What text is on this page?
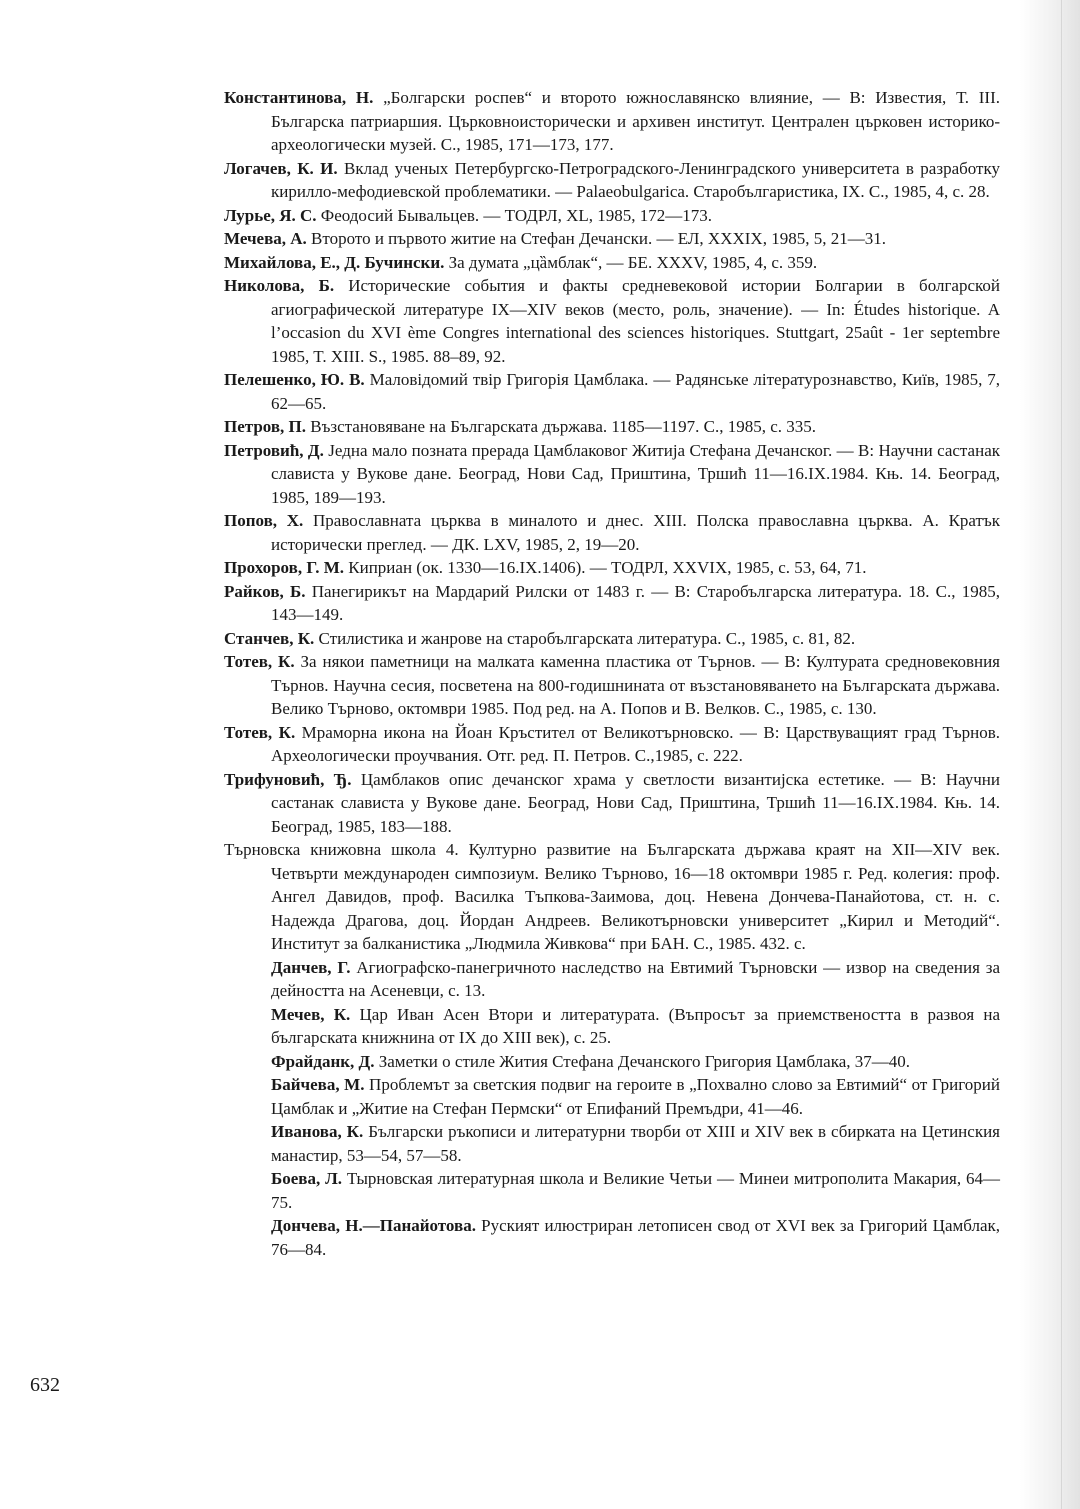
Константинова, Н. „Болгарски роспев“ и второто южнославянско влияние, — В: Известия, Т. III. Българска патриаршия. Църковноисторически и архивен институт. Централен църковен историко-археологически музей. С., 1985, 171—173, 177.

Логачев, К. И. Вклад ученых Петербургско-Петроградского-Ленинградского университета в разработку кирилло-мефодиевской проблематики. — Palaeobulgarica. Старобългаристика, IX. С., 1985, 4, с. 28.

Лурье, Я. С. Феодосий Бывальцев. — ТОДРЛ, XL, 1985, 172—173.

Мечева, А. Второто и първото житие на Стефан Дечански. — ЕЛ, XXXIX, 1985, 5, 21—31.

Михайлова, Е., Д. Бучински. За думата „цȁмблак“, — БЕ. XXXV, 1985, 4, с. 359.

Николова, Б. Исторические события и факты средневековой истории Болгарии в болгарской агиографической литературе IX—XIV веков (место, роль, значение). — In: Études historique. A l’occasion du XVI ème Congres international des sciences historiques. Stuttgart, 25aût - 1er septembre 1985, T. XIII. S., 1985. 88–89, 92.

Пелешенко, Ю. В. Маловідомий твір Григорія Цамблака. — Радянське літературознавство, Київ, 1985, 7, 62—65.

Петров, П. Възстановяване на Българската държава. 1185—1197. С., 1985, с. 335.

Петровић, Д. Једна мало позната прерада Цамблаковог Житија Стефана Дечанског. — В: Научни састанак слависта у Вукове дане. Београд, Нови Сад, Приштина, Тршић 11—16.IX.1984. Књ. 14. Београд, 1985, 189—193.

Попов, Х. Православната църква в миналото и днес. XIII. Полска православна църква. А. Кратък исторически преглед. — ДК. LXV, 1985, 2, 19—20.

Прохоров, Г. М. Киприан (ок. 1330—16.IX.1406). — ТОДРЛ, XXVIX, 1985, с. 53, 64, 71.

Райков, Б. Панегирикът на Мардарий Рилски от 1483 г. — В: Старобългарска литература. 18. С., 1985, 143—149.

Станчев, К. Стилистика и жанрове на старобългарската литература. С., 1985, с. 81, 82.

Тотев, К. За някои паметници на малката каменна пластика от Търнов. — В: Културата средновековния Търнов. Научна сесия, посветена на 800-годишнината от възстановяването на Българската държава. Велико Търново, октомври 1985. Под ред. на А. Попов и В. Велков. С., 1985, с. 130.

Тотев, К. Мраморна икона на Йоан Кръстител от Великотърновско. — В: Царствуващият град Търнов. Археологически проучвания. Отг. ред. П. Петров. С.,1985, с. 222.

Трифуновић, Ђ. Цамблаков опис дечанског храма у светлости византијска естетике. — В: Научни састанак слависта у Вукове дане. Београд, Нови Сад, Приштина, Тршић 11—16.IX.1984. Књ. 14. Београд, 1985, 183—188.

Търновска книжовна школа 4. Културно развитие на Българската държава краят на XII—XIV век. Четвърти международен симпозиум. Велико Търново, 16—18 октомври 1985 г. Ред. колегия: проф. Ангел Давидов, проф. Василка Тъпкова-Заимова, доц. Невена Дончева-Панайотова, ст. н. с. Надежда Драгова, доц. Йордан Андреев. Великотърновски университет „Кирил и Методий“. Институт за балканистика „Людмила Живкова“ при БАН. С., 1985. 432. с.

Данчев, Г. Агиографско-панегричното наследство на Евтимий Търновски — извор на сведения за дейността на Асеневци, с. 13.

Мечев, К. Цар Иван Асен Втори и литературата. (Въпросът за приемствеността в развоя на българската книжнина от IX до XIII век), с. 25.

Фрайданк, Д. Заметки о стиле Жития Стефана Дечанского Григория Цамблака, 37—40.

Байчева, М. Проблемът за светския подвиг на героите в „Похвално слово за Евтимий“ от Григорий Цамблак и „Житие на Стефан Пермски“ от Епифаний Премъдри, 41—46.

Иванова, К. Български ръкописи и литературни творби от XIII и XIV век в сбирката на Цетинския манастир, 53—54, 57—58.

Боева, Л. Тырновская литературная школа и Великие Четьи — Минеи митрополита Макария, 64—75.

Дончева, Н.—Панайотова. Руският илюстриран летописен свод от XVI век за Григорий Цамблак, 76—84.

632
